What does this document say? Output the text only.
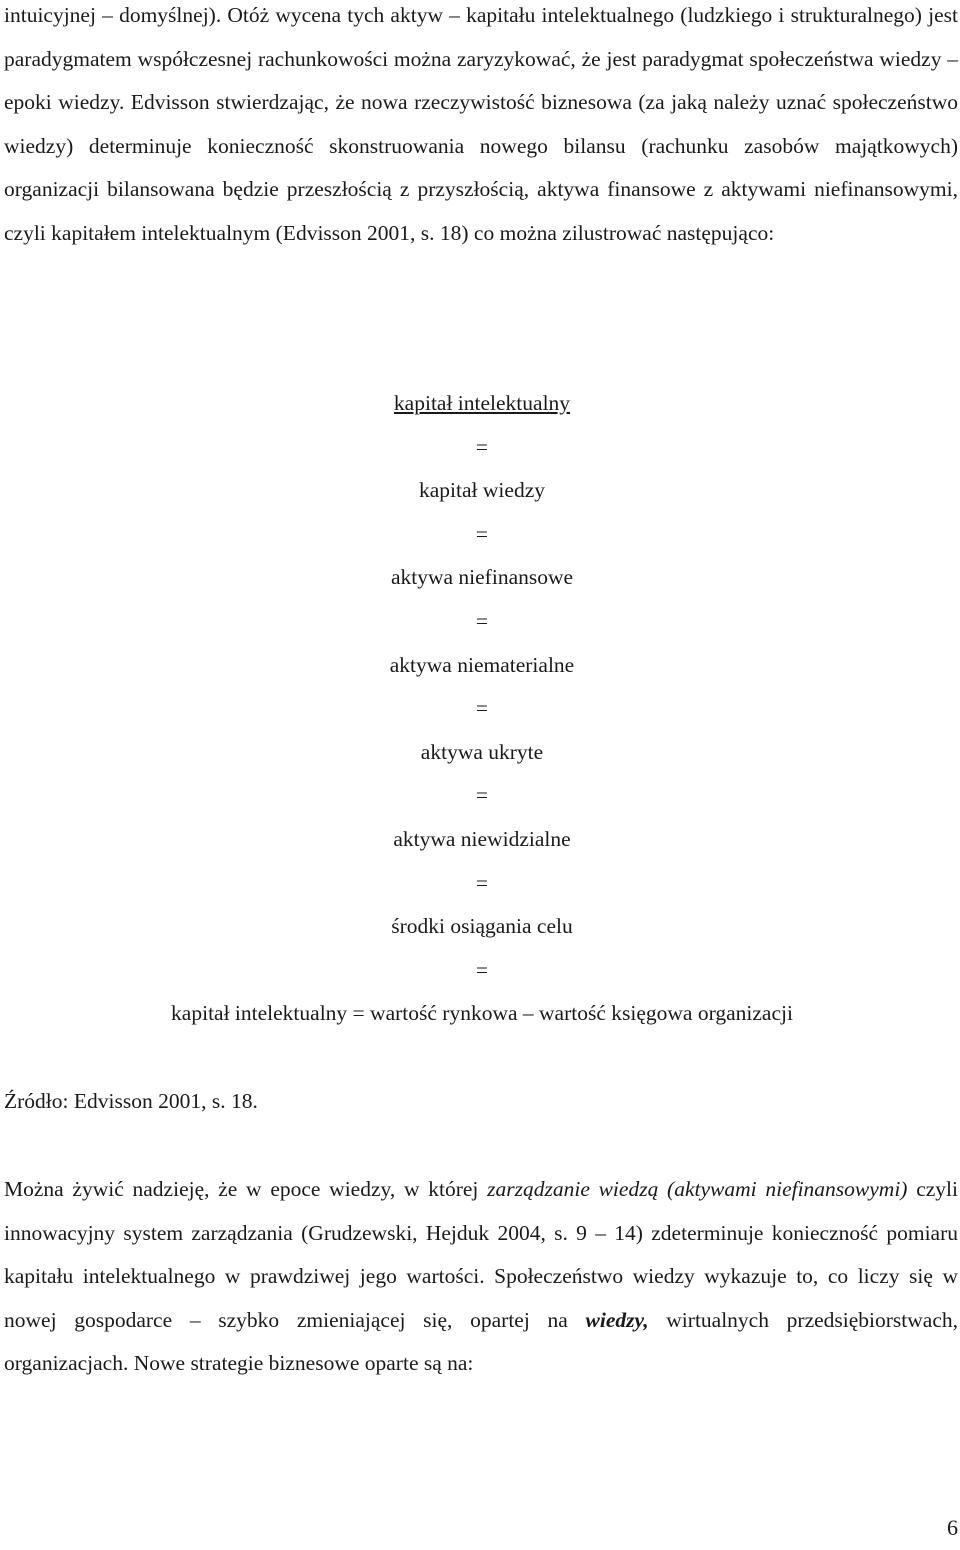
intuicyjnej – domyślnej). Otóż wycena tych aktyw – kapitału intelektualnego (ludzkiego i strukturalnego) jest paradygmatem współczesnej rachunkowości można zaryzykować, że jest paradygmat społeczeństwa wiedzy – epoki wiedzy. Edvisson stwierdzając, że nowa rzeczywistość biznesowa (za jaką należy uznać społeczeństwo wiedzy) determinuje konieczność skonstruowania nowego bilansu (rachunku zasobów majątkowych) organizacji bilansowana będzie przeszłością z przyszłością, aktywa finansowe z aktywami niefinansowymi, czyli kapitałem intelektualnym (Edvisson 2001, s. 18) co można zilustrować następująco:

kapitał intelektualny
=
kapitał wiedzy
=
aktywa niefinansowe
=
aktywa niematerialne
=
aktywa ukryte
=
aktywa niewidzialne
=
środki osiągania celu
=
kapitał intelektualny = wartość rynkowa – wartość księgowa organizacji

Źródło: Edvisson 2001, s. 18.

Można żywić nadzieję, że w epoce wiedzy, w której zarządzanie wiedzą (aktywami niefinansowymi) czyli innowacyjny system zarządzania (Grudzewski, Hejduk 2004, s. 9 – 14) zdeterminuje konieczność pomiaru kapitału intelektualnego w prawdziwej jego wartości. Społeczeństwo wiedzy wykazuje to, co liczy się w nowej gospodarce – szybko zmieniającej się, opartej na wiedzy, wirtualnych przedsiębiorstwach, organizacjach. Nowe strategie biznesowe oparte są na:

6
